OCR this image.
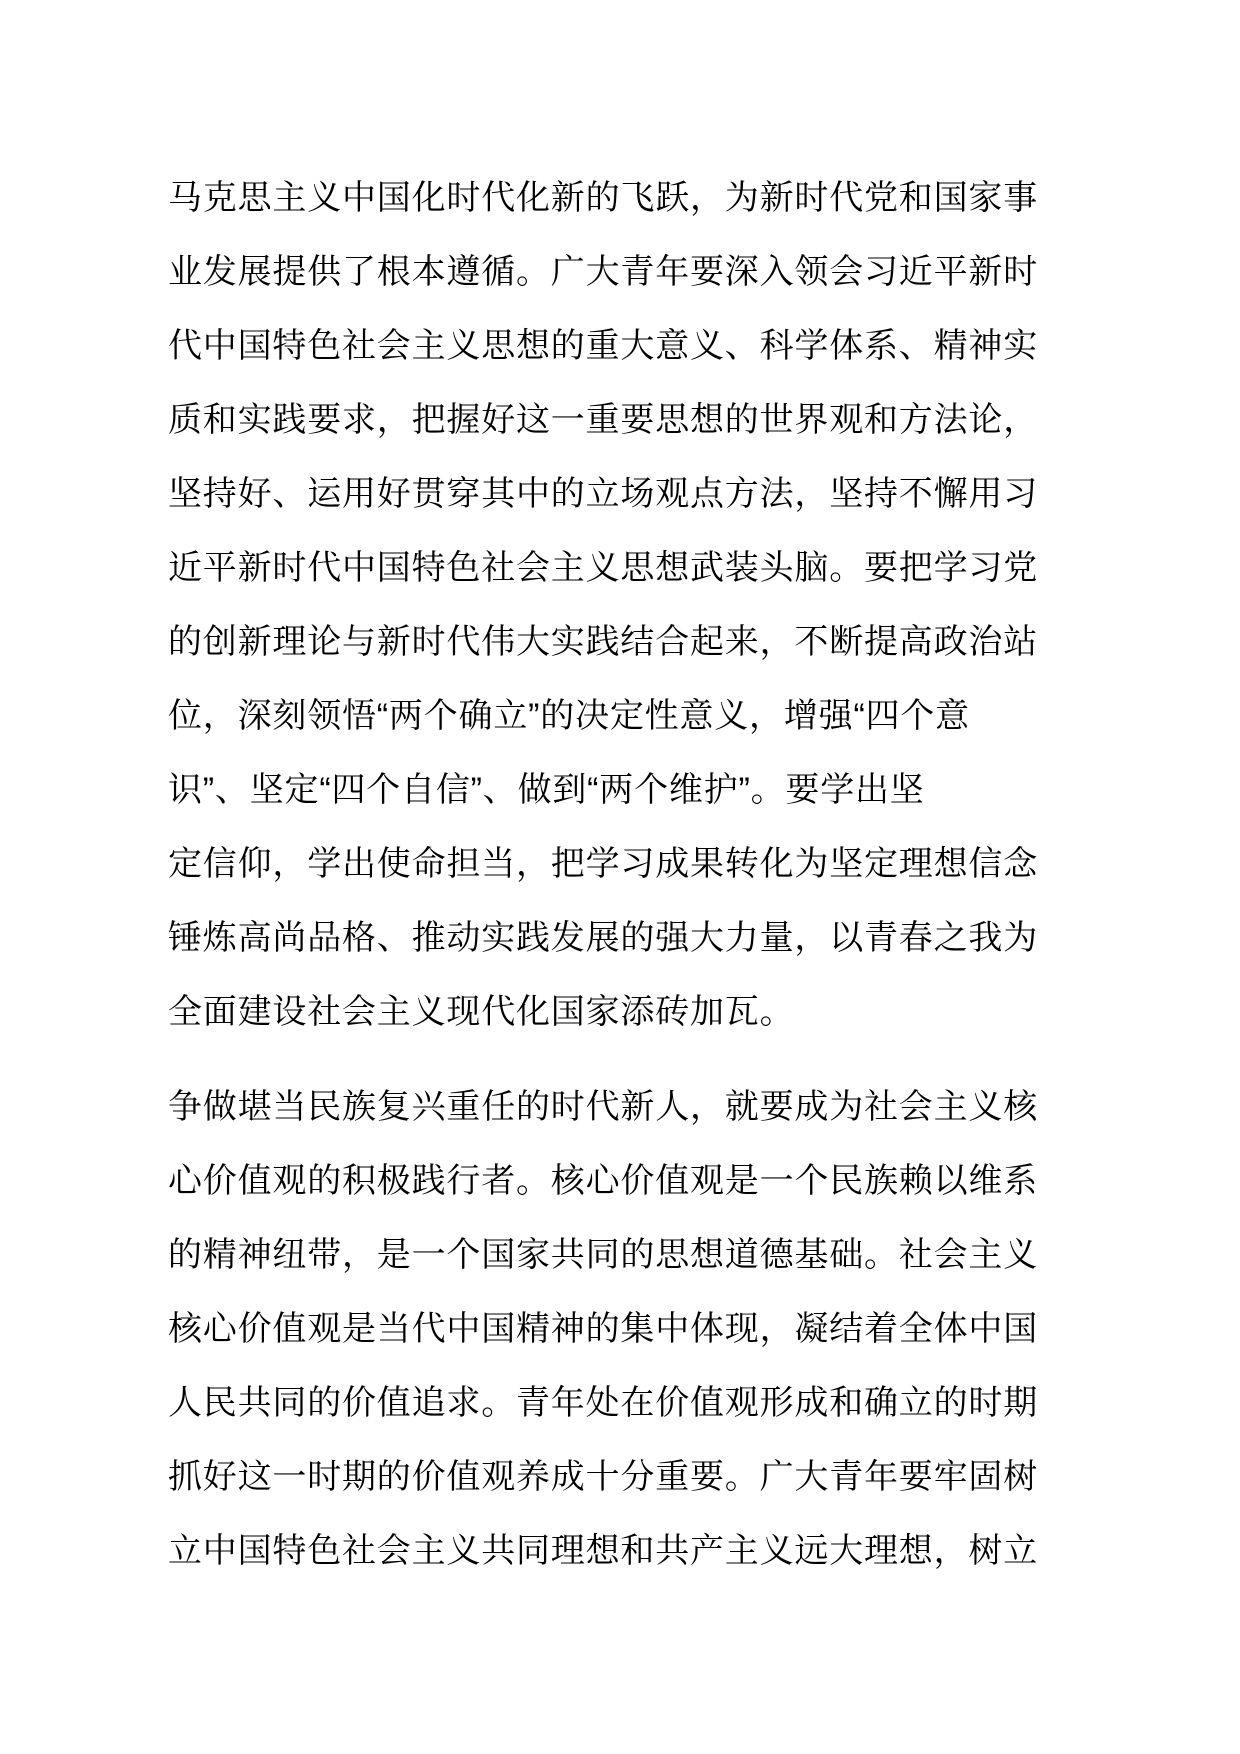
马克思主义中国化时代化新的飞跃，为新时代党和国家事
业发展提供了根本遵循。广大青年要深入领会习近平新时
代中国特色社会主义思想的重大意义、科学体系、精神实
质和实践要求，把握好这一重要思想的世界观和方法论，
坚持好、运用好贯穿其中的立场观点方法，坚持不懈用习
近平新时代中国特色社会主义思想武装头脑。要把学习党
的创新理论与新时代伟大实践结合起来，不断提高政治站
位，深刻领悟“两个确立”的决定性意义，增强“四个意
识”、坚定“四个自信”、做到“两个维护”。要学出坚
定信仰，学出使命担当，把学习成果转化为坚定理想信念
锤炼高尚品格、推动实践发展的强大力量，以青春之我为
全面建设社会主义现代化国家添砖加瓦。
争做堪当民族复兴重任的时代新人，就要成为社会主义核
心价值观的积极践行者。核心价值观是一个民族赖以维系
的精神纽带，是一个国家共同的思想道德基础。社会主义
核心价值观是当代中国精神的集中体现，凝结着全体中国
人民共同的价值追求。青年处在价值观形成和确立的时期
抓好这一时期的价值观养成十分重要。广大青年要牢固树
立中国特色社会主义共同理想和共产主义远大理想，树立
